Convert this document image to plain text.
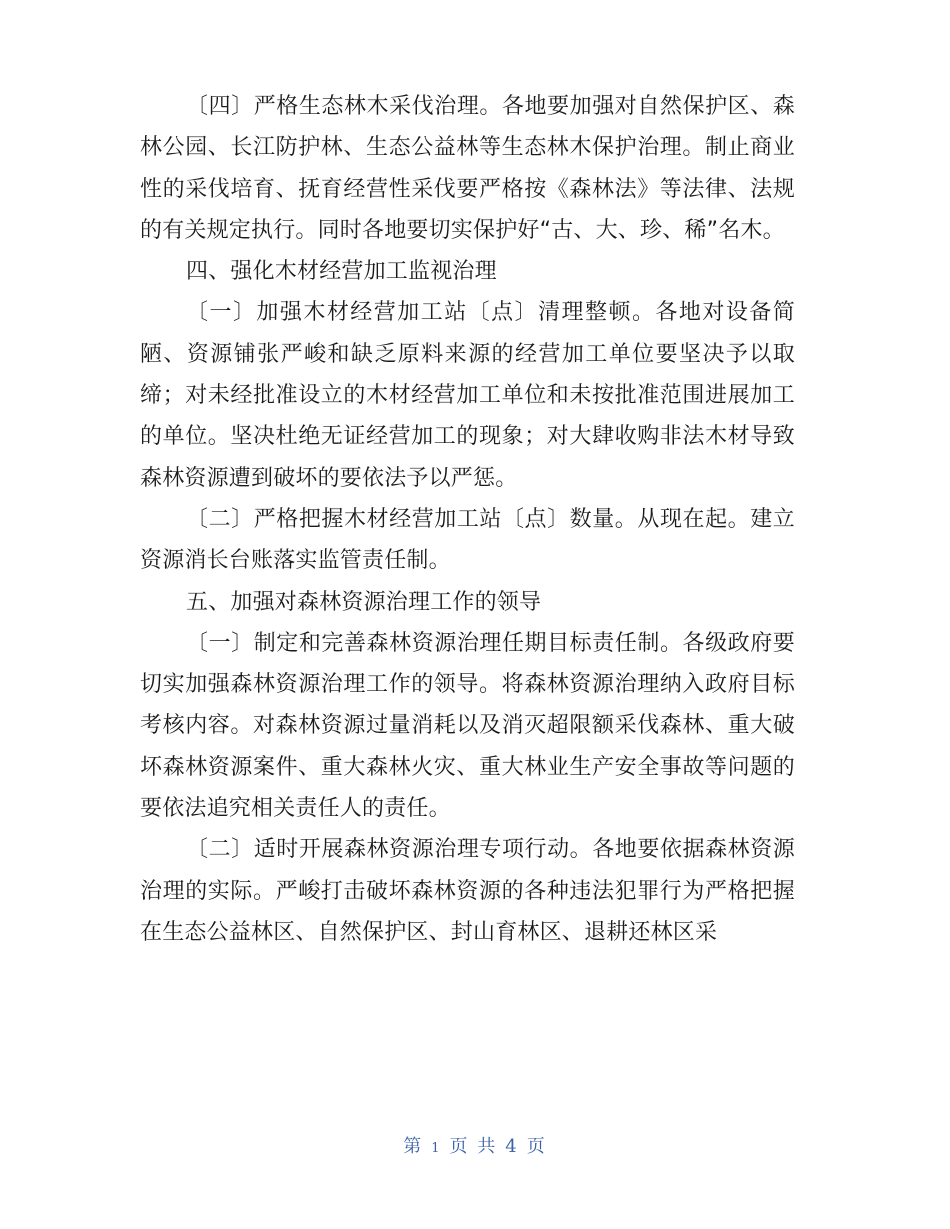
〔四〕严格生态林木采伐治理。各地要加强对自然保护区、森林公园、长江防护林、生态公益林等生态林木保护治理。制止商业性的采伐培育、抚育经营性采伐要严格按《森林法》等法律、法规的有关规定执行。同时各地要切实保护好“古、大、珍、稀”名木。

四、强化木材经营加工监视治理

〔一〕加强木材经营加工站〔点〕清理整顿。各地对设备简陋、资源铺张严峻和缺乏原料来源的经营加工单位要坚决予以取缔；对未经批准设立的木材经营加工单位和未按批准范围进展加工的单位。坚决杜绝无证经营加工的现象；对大肆收购非法木材导致森林资源遭到破坏的要依法予以严惩。

〔二〕严格把握木材经营加工站〔点〕数量。从现在起。建立资源消长台账落实监管责任制。

五、加强对森林资源治理工作的领导

〔一〕制定和完善森林资源治理任期目标责任制。各级政府要切实加强森林资源治理工作的领导。将森林资源治理纳入政府目标考核内容。对森林资源过量消耗以及消灭超限额采伐森林、重大破坏森林资源案件、重大森林火灾、重大林业生产安全事故等问题的要依法追究相关责任人的责任。

〔二〕适时开展森林资源治理专项行动。各地要依据森林资源治理的实际。严峻打击破坏森林资源的各种违法犯罪行为严格把握在生态公益林区、自然保护区、封山育林区、退耕还林区采

第 1 页 共 4 页
